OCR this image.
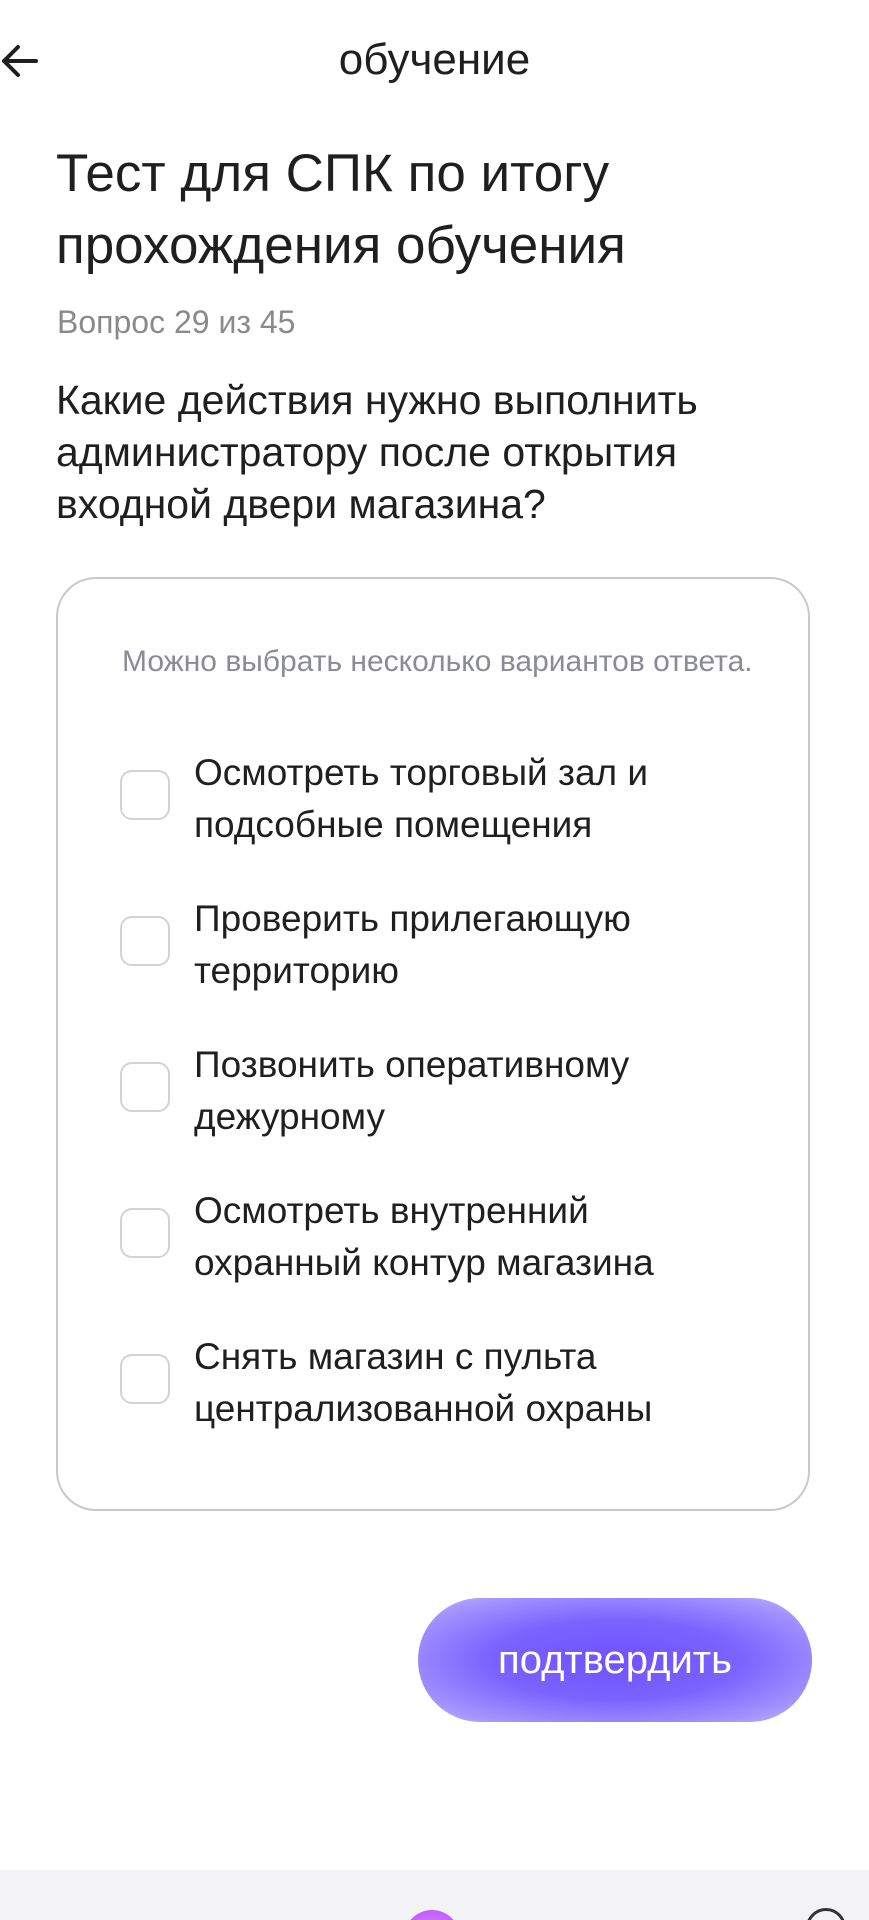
обучение
Тест для СПК по итогу прохождения обучения
Вопрос 29 из 45
Какие действия нужно выполнить администратору после открытия входной двери магазина?
Можно выбрать несколько вариантов ответа.
Осмотреть торговый зал и подсобные помещения
Проверить прилегающую территорию
Позвонить оперативному дежурному
Осмотреть внутренний охранный контур магазина
Снять магазин с пульта централизованной охраны
подтвердить
